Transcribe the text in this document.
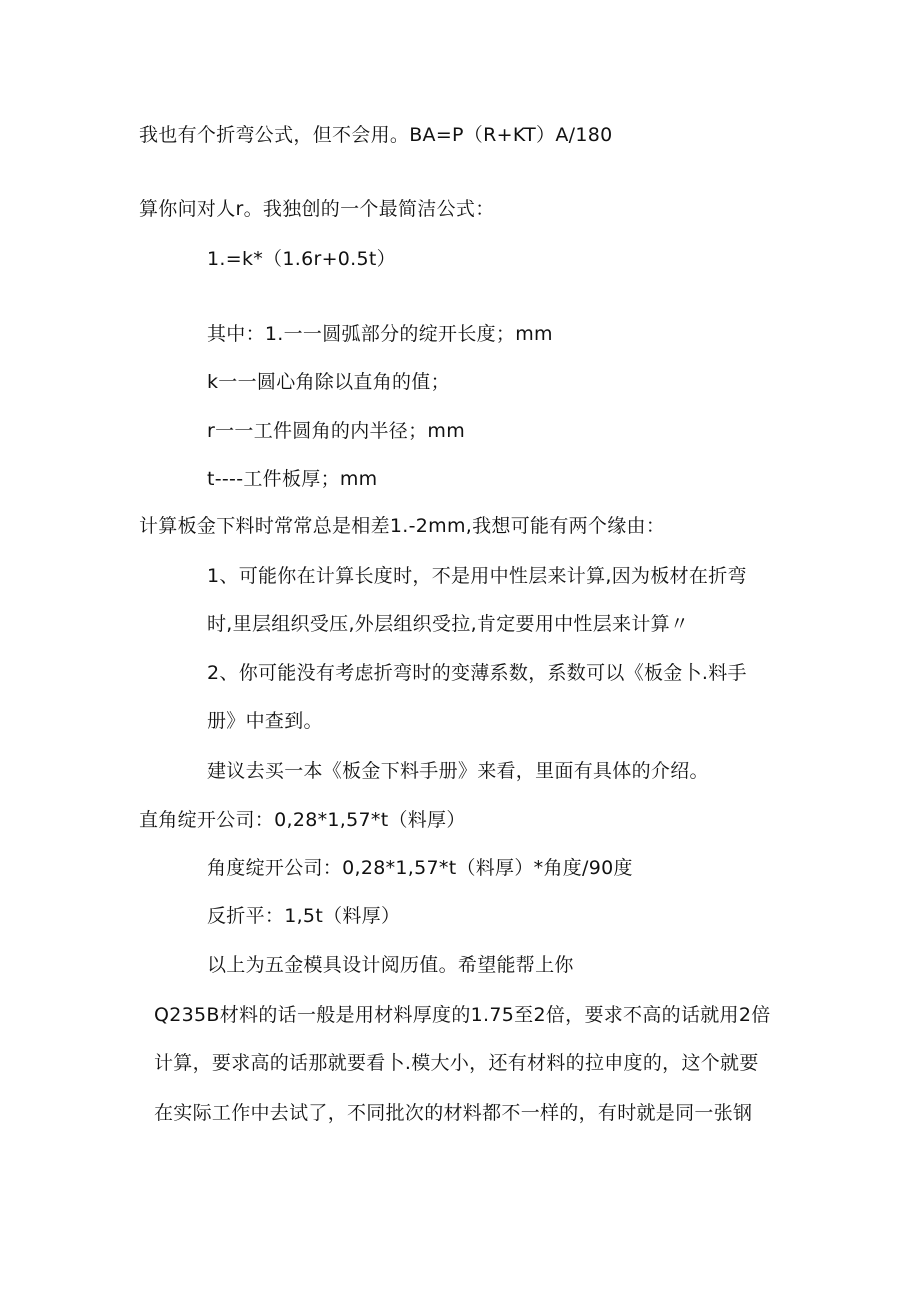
我也有个折弯公式，但不会用。BA=P（R+KT）A/180
算你问对人r。我独创的一个最简洁公式：
1.=k*（1.6r+0.5t）
其中：1.一一圆弧部分的绽开长度；mm
k一一圆心角除以直角的值；
r一一工件圆角的内半径；mm
t----工件板厚；mm
计算板金下料时常常总是相差1.-2mm,我想可能有两个缘由：
1、可能你在计算长度时，不是用中性层来计算,因为板材在折弯
时,里层组织受压,外层组织受拉,肯定要用中性层来计算〃
2、你可能没有考虑折弯时的变薄系数，系数可以《板金卜.料手
册》中查到。
建议去买一本《板金下料手册》来看，里面有具体的介绍。
直角绽开公司：0,28*1,57*t（料厚）
角度绽开公司：0,28*1,57*t（料厚）*角度/90度
反折平：1,5t（料厚）
以上为五金模具设计阅历值。希望能帮上你
Q235B材料的话一般是用材料厚度的1.75至2倍，要求不高的话就用2倍
计算，要求高的话那就要看卜.模大小，还有材料的拉申度的，这个就要
在实际工作中去试了，不同批次的材料都不一样的，有时就是同一张钢
